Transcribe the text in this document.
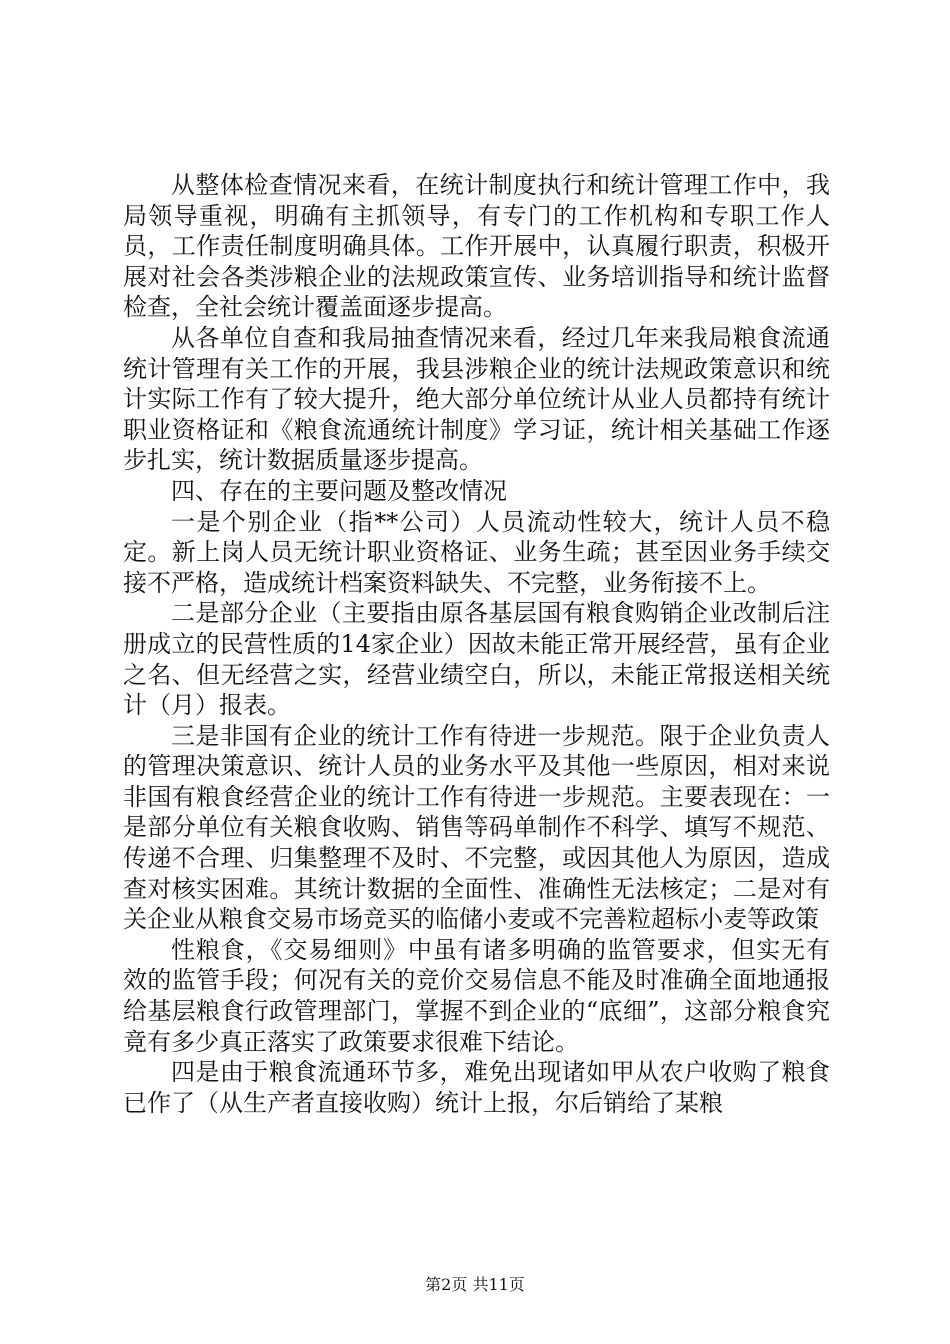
从整体检查情况来看，在统计制度执行和统计管理工作中，我局领导重视，明确有主抓领导，有专门的工作机构和专职工作人员，工作责任制度明确具体。工作开展中，认真履行职责，积极开展对社会各类涉粮企业的法规政策宣传、业务培训指导和统计监督检查，全社会统计覆盖面逐步提高。

从各单位自查和我局抽查情况来看，经过几年来我局粮食流通统计管理有关工作的开展，我县涉粮企业的统计法规政策意识和统计实际工作有了较大提升，绝大部分单位统计从业人员都持有统计职业资格证和《粮食流通统计制度》学习证，统计相关基础工作逐步扎实，统计数据质量逐步提高。

四、存在的主要问题及整改情况

一是个别企业（指**公司）人员流动性较大，统计人员不稳定。新上岗人员无统计职业资格证、业务生疏；甚至因业务手续交接不严格，造成统计档案资料缺失、不完整，业务衔接不上。

二是部分企业（主要指由原各基层国有粮食购销企业改制后注册成立的民营性质的14家企业）因故未能正常开展经营，虽有企业之名、但无经营之实，经营业绩空白，所以，未能正常报送相关统计（月）报表。

三是非国有企业的统计工作有待进一步规范。限于企业负责人的管理决策意识、统计人员的业务水平及其他一些原因，相对来说非国有粮食经营企业的统计工作有待进一步规范。主要表现在：一是部分单位有关粮食收购、销售等码单制作不科学、填写不规范、传递不合理、归集整理不及时、不完整，或因其他人为原因，造成查对核实困难。其统计数据的全面性、准确性无法核定；二是对有关企业从粮食交易市场竞买的临储小麦或不完善粒超标小麦等政策

性粮食，《交易细则》中虽有诸多明确的监管要求，但实无有效的监管手段；何况有关的竞价交易信息不能及时准确全面地通报给基层粮食行政管理部门，掌握不到企业的“底细”，这部分粮食究竟有多少真正落实了政策要求很难下结论。

四是由于粮食流通环节多，难免出现诸如甲从农户收购了粮食已作了（从生产者直接收购）统计上报，尔后销给了某粮

第2页 共11页
